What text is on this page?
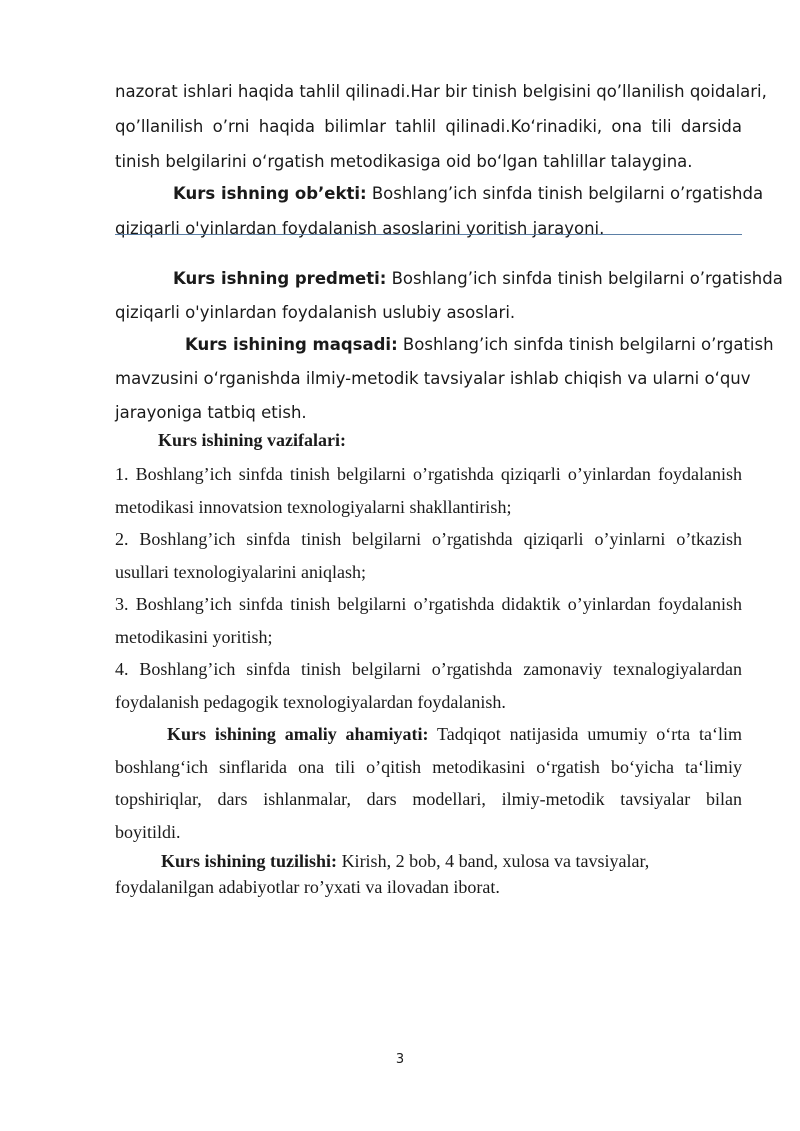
nazorat ishlari haqida tahlil qilinadi.Har bir tinish belgisini qo’llanilish qoidalari,
qo’llanilish o’rni haqida bilimlar tahlil qilinadi.Ko‘rinadiki, ona tili darsida
tinish belgilarini o‘rgatish metodikasiga oid bo‘lgan tahlillar talaygina.
Kurs ishning ob’ekti: Boshlang’ich sinfda tinish belgilarni o’rgatishda
qiziqarli o'yinlardan foydalanish asoslarini yoritish jarayoni.
Kurs ishning predmeti: Boshlang’ich sinfda tinish belgilarni o’rgatishda
qiziqarli o'yinlardan foydalanish uslubiy asoslari.
Kurs ishining maqsadi: Boshlang’ich sinfda tinish belgilarni o’rgatish
mavzusini o‘rganishda ilmiy-metodik tavsiyalar ishlab chiqish va ularni o‘quv
jarayoniga tatbiq etish.
Kurs ishining vazifalari:
1. Boshlang’ich sinfda tinish belgilarni o’rgatishda qiziqarli o’yinlardan foydalanish
metodikasi innovatsion texnologiyalarni shakllantirish;
2. Boshlang’ich sinfda tinish belgilarni o’rgatishda qiziqarli o’yinlarni o’tkazish
usullari texnologiyalarini aniqlash;
3. Boshlang’ich sinfda tinish belgilarni o’rgatishda didaktik o’yinlardan foydalanish
metodikasini yoritish;
4. Boshlang’ich sinfda tinish belgilarni o’rgatishda zamonaviy texnalogiyalardan
foydalanish pedagogik texnologiyalardan foydalanish.
Kurs ishining amaliy ahamiyati: Tadqiqot natijasida umumiy o‘rta ta‘lim
boshlang‘ich sinflarida ona tili o’qitish metodikasini o‘rgatish bo‘yicha ta‘limiy
topshiriqlar, dars ishlanmalar, dars modellari, ilmiy-metodik tavsiyalar bilan
boyitildi.
Kurs ishining tuzilishi: Kirish, 2 bob, 4 band, xulosa va tavsiyalar,
foydalanilgan adabiyotlar ro’yxati va ilovadan iborat.
3
